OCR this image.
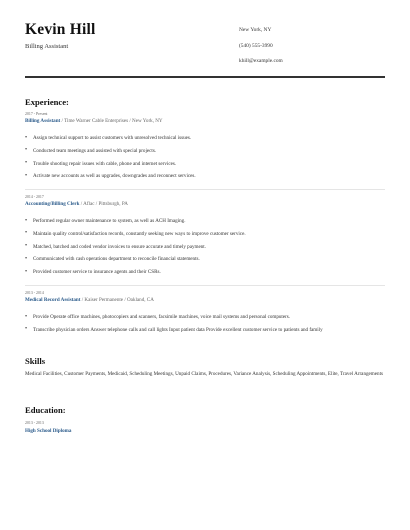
Kevin Hill
Billing Assistant
New York, NY
(540) 555-3990
khill@example.com
Experience:
2017 - Present
Billing Assistant / Time Warner Cable Enterprises / New York, NY
• Assign technical support to assist customers with unresolved technical issues.
• Conducted team meetings and assisted with special projects.
• Trouble shooting repair issues with cable, phone and internet services.
• Activate new accounts as well as upgrades, downgrades and reconnect services.
2014 - 2017
Accounting/Billing Clerk / Aflac / Pittsburgh, PA
• Performed regular owner maintenance to system, as well as ACH Imaging.
• Maintain quality control/satisfaction records, constantly seeking new ways to improve customer service.
• Matched, batched and coded vendor invoices to ensure accurate and timely payment.
• Communicated with cash operations department to reconcile financial statements.
• Provided customer service to insurance agents and their CSRs.
2013 - 2014
Medical Record Assistant / Kaiser Permanente / Oakland, CA
• Provide Operate office machines, photocopiers and scanners, facsimile machines, voice mail systems and personal computers.
• Transcribe physician orders Answer telephone calls and call lights Input patient data Provide excellent customer service to patients and family
Skills
Medical Facilities, Customer Payments, Medicaid, Scheduling Meetings, Unpaid Claims, Procedures, Variance Analysis, Scheduling Appointments, Elite, Travel Arrangements
Education:
2013 - 2013
High School Diploma
